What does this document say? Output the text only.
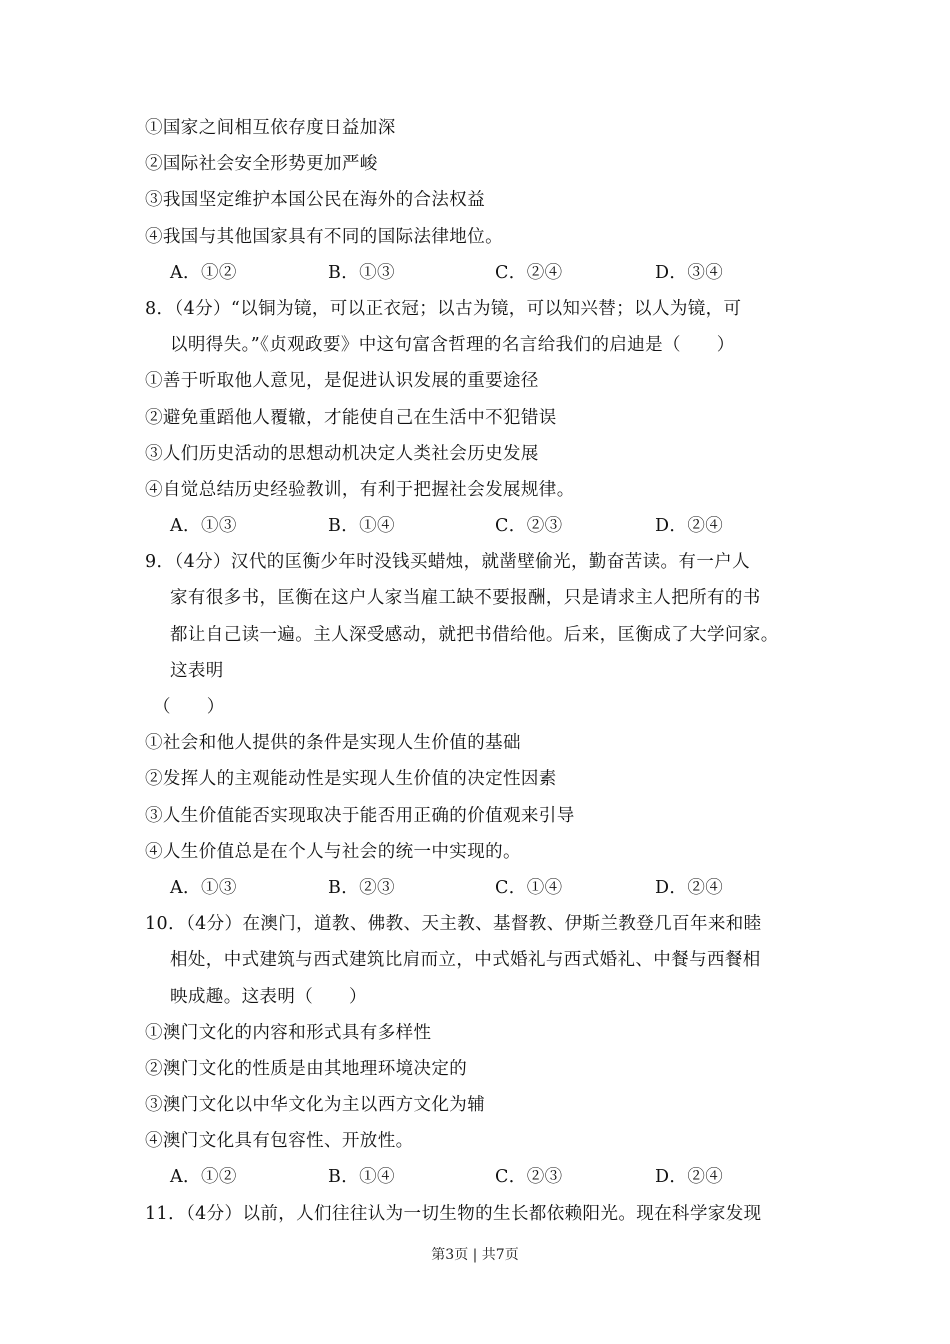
①国家之间相互依存度日益加深
②国际社会安全形势更加严峻
③我国坚定维护本国公民在海外的合法权益
④我国与其他国家具有不同的国际法律地位。
A．①②	B．①③	C．②④	D．③④
8．（4分）“以铜为镜，可以正衣冠；以古为镜，可以知兴替；以人为镜，可
以明得失。”《贞观政要》中这句富含哲理的名言给我们的启迪是（　　）
①善于听取他人意见，是促进认识发展的重要途径
②避免重蹈他人覆辙，才能使自己在生活中不犯错误
③人们历史活动的思想动机决定人类社会历史发展
④自觉总结历史经验教训，有利于把握社会发展规律。
A．①③	B．①④	C．②③	D．②④
9．（4分）汉代的匡衡少年时没钱买蜡烛，就凿壁偷光，勤奋苦读。有一户人
家有很多书，匡衡在这户人家当雇工缺不要报酬，只是请求主人把所有的书
都让自己读一遍。主人深受感动，就把书借给他。后来，匡衡成了大学问家。
这表明
（　　）
①社会和他人提供的条件是实现人生价值的基础
②发挥人的主观能动性是实现人生价值的决定性因素
③人生价值能否实现取决于能否用正确的价值观来引导
④人生价值总是在个人与社会的统一中实现的。
A．①③	B．②③	C．①④	D．②④
10．（4分）在澳门，道教、佛教、天主教、基督教、伊斯兰教登几百年来和睦
相处，中式建筑与西式建筑比肩而立，中式婚礼与西式婚礼、中餐与西餐相
映成趣。这表明（　　）
①澳门文化的内容和形式具有多样性
②澳门文化的性质是由其地理环境决定的
③澳门文化以中华文化为主以西方文化为辅
④澳门文化具有包容性、开放性。
A．①②	B．①④	C．②③	D．②④
11．（4分）以前，人们往往认为一切生物的生长都依赖阳光。现在科学家发现
第3页 | 共7页
